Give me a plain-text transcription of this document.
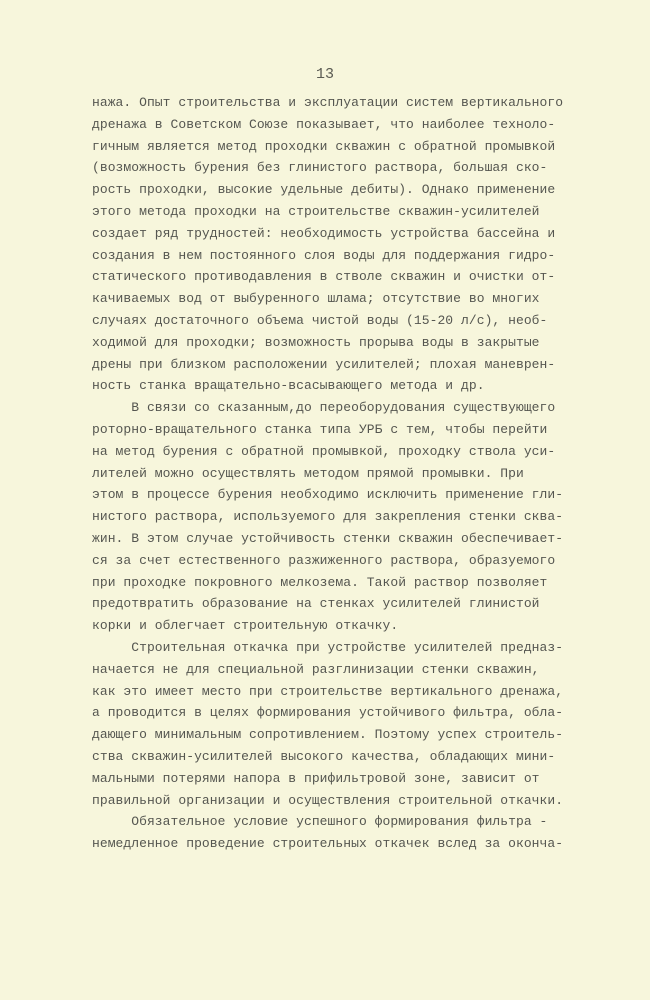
13
нажа. Опыт строительства и эксплуатации систем вертикального
дренажа в Советском Союзе показывает, что наиболее техноло-
гичным является метод проходки скважин с обратной промывкой
(возможность бурения без глинистого раствора, большая ско-
рость проходки, высокие удельные дебиты). Однако применение
этого метода проходки на строительстве скважин-усилителей
создает ряд трудностей: необходимость устройства бассейна и
создания в нем постоянного слоя воды для поддержания гидро-
статического противодавления в стволе скважин и очистки от-
качиваемых вод от выбуренного шлама; отсутствие во многих
случаях достаточного объема чистой воды (15-20 л/с), необ-
ходимой для проходки; возможность прорыва воды в закрытые
дрены при близком расположении усилителей; плохая маневрен-
ность станка вращательно-всасывающего метода и др.
В связи со сказанным,до переоборудования существующего
роторно-вращательного станка типа УРБ с тем, чтобы перейти
на метод бурения с обратной промывкой, проходку ствола уси-
лителей можно осуществлять методом прямой промывки. При
этом в процессе бурения необходимо исключить применение гли-
нистого раствора, используемого для закрепления стенки сква-
жин. В этом случае устойчивость стенки скважин обеспечивает-
ся за счет естественного разжиженного раствора, образуемого
при проходке покровного мелкозема. Такой раствор позволяет
предотвратить образование на стенках усилителей глинистой
корки и облегчает строительную откачку.
Строительная откачка при устройстве усилителей предназ-
начается не для специальной разглинизации стенки скважин,
как это имеет место при строительстве вертикального дренажа,
а проводится в целях формирования устойчивого фильтра, обла-
дающего минимальным сопротивлением. Поэтому успех строитель-
ства скважин-усилителей высокого качества, обладающих мини-
мальными потерями напора в прифильтровой зоне, зависит от
правильной организации и осуществления строительной откачки.
Обязательное условие успешного формирования фильтра -
немедленное проведение строительных откачек вслед за оконча-
